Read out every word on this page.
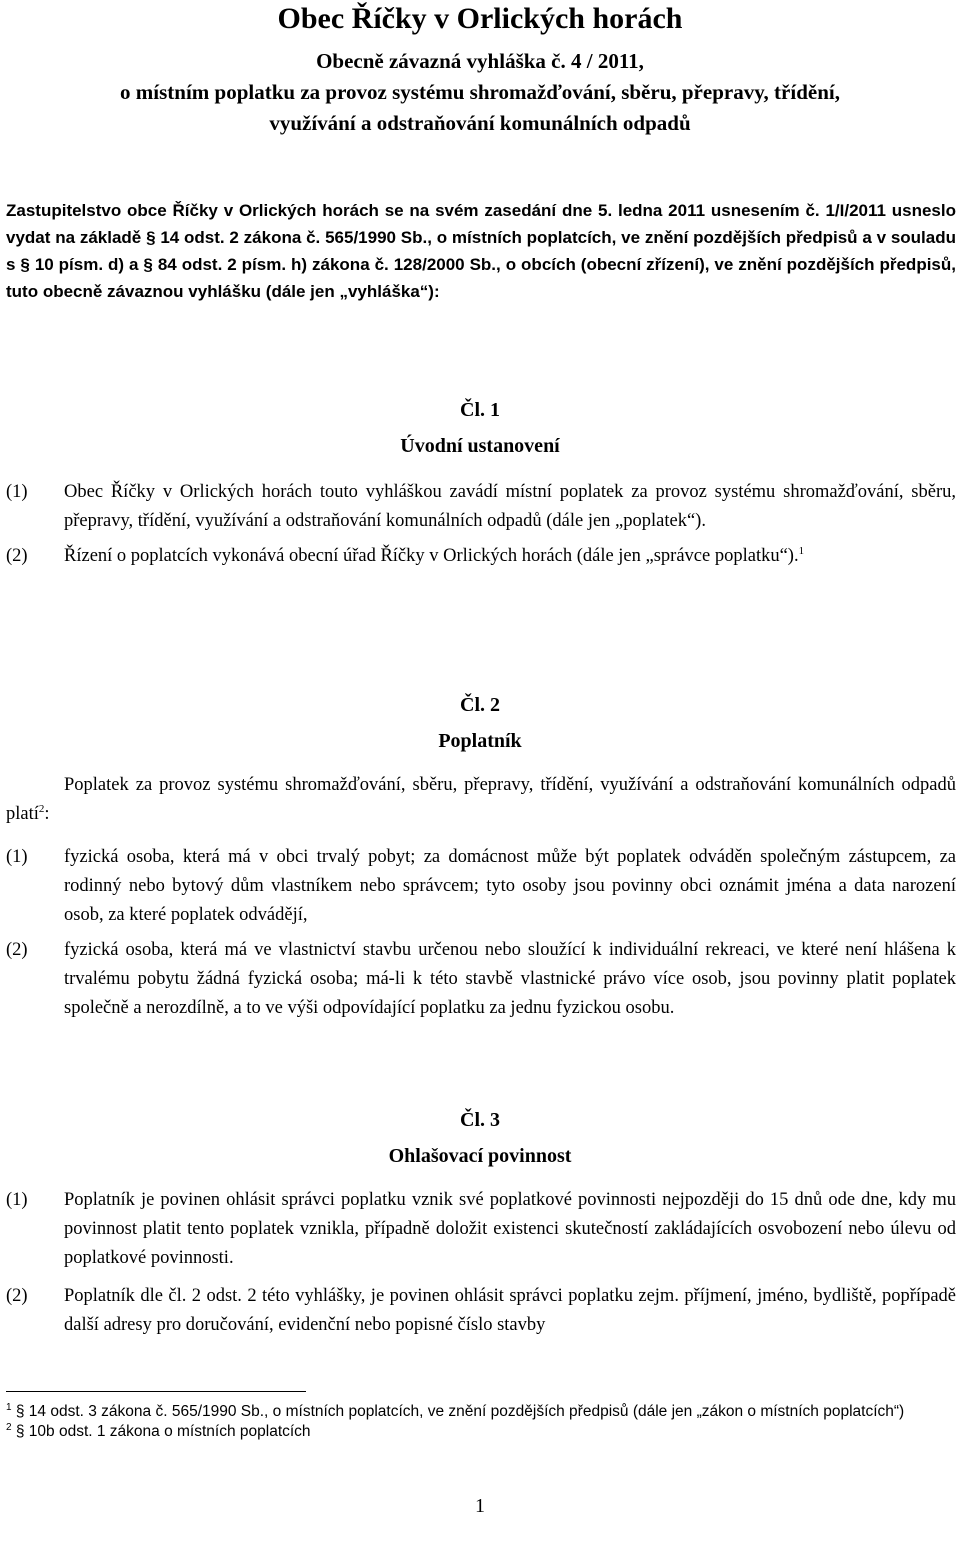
Obec Říčky v Orlických horách
Obecně závazná vyhláška č. 4 / 2011,
o místním poplatku za provoz systému shromažďování, sběru, přepravy, třídění,
využívání a odstraňování komunálních odpadů
Zastupitelstvo obce Říčky v Orlických horách se na svém zasedání dne 5. ledna 2011 usnesením č. 1/I/2011 usneslo vydat na základě § 14 odst. 2 zákona č. 565/1990 Sb., o místních poplatcích, ve znění pozdějších předpisů a v souladu s § 10 písm. d) a § 84 odst. 2 písm. h) zákona č. 128/2000 Sb., o obcích (obecní zřízení), ve znění pozdějších předpisů, tuto obecně závaznou vyhlášku (dále jen „vyhláška“):
Čl. 1
Úvodní ustanovení
(1) Obec Říčky v Orlických horách touto vyhláškou zavádí místní poplatek za provoz systému shromažďování, sběru, přepravy, třídění, využívání a odstraňování komunálních odpadů (dále jen „poplatek“).
(2) Řízení o poplatcích vykonává obecní úřad Říčky v Orlických horách (dále jen „správce poplatku“).$^1$
Čl. 2
Poplatník
Poplatek za provoz systému shromažďování, sběru, přepravy, třídění, využívání a odstraňování komunálních odpadů platí$^2$:
(1) fyzická osoba, která má v obci trvalý pobyt; za domácnost může být poplatek odváděn společným zástupcem, za rodinný nebo bytový dům vlastníkem nebo správcem; tyto osoby jsou povinny obci oznámit jména a data narození osob, za které poplatek odvádějí,
(2) fyzická osoba, která má ve vlastnictví stavbu určenou nebo sloužící k individuální rekreaci, ve které není hlášena k trvalému pobytu žádná fyzická osoba; má-li k této stavbě vlastnické právo více osob, jsou povinny platit poplatek společně a nerozdílně, a to ve výši odpovídající poplatku za jednu fyzickou osobu.
Čl. 3
Ohlašovací povinnost
(1) Poplatník je povinen ohlásit správci poplatku vznik své poplatkové povinnosti nejpozději do 15 dnů ode dne, kdy mu povinnost platit tento poplatek vznikla, případně doložit existenci skutečností zakládajících osvobození nebo úlevu od poplatkové povinnosti.
(2) Poplatník dle čl. 2 odst. 2 této vyhlášky, je povinen ohlásit správci poplatku zejm. příjmení, jméno, bydliště, popřípadě další adresy pro doručování, evidenční nebo popisné číslo stavby
$^1$ § 14 odst. 3 zákona č. 565/1990 Sb., o místních poplatcích, ve znění pozdějších předpisů (dále jen „zákon o místních poplatcích“)
$^2$ § 10b odst. 1 zákona o místních poplatcích
1
